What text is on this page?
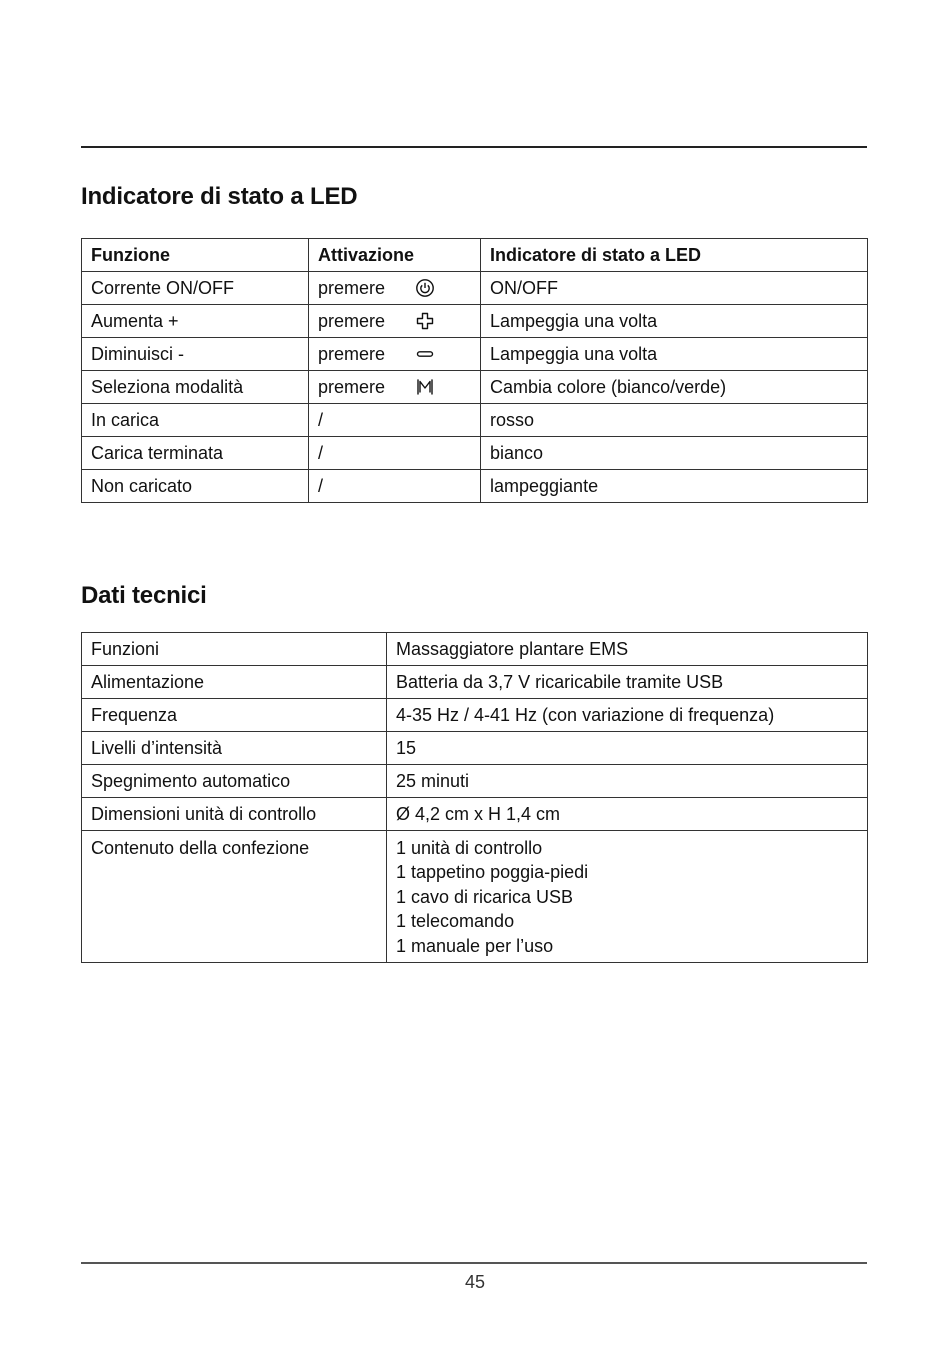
Indicatore di stato a LED
Funzione	Attivazione	Indicatore di stato a LED
Corrente ON/OFF	premere	ON/OFF
Aumenta +	premere	Lampeggia una volta
Diminuisci -	premere	Lampeggia una volta
Seleziona modalità	premere	Cambia colore (bianco/verde)
In carica	/	rosso
Carica terminata	/	bianco
Non caricato	/	lampeggiante
Dati tecnici
Funzioni	Massaggiatore plantare EMS
Alimentazione	Batteria da 3,7 V ricaricabile tramite USB
Frequenza	4-35 Hz / 4-41 Hz (con variazione di frequenza)
Livelli d’intensità	15
Spegnimento automatico	25 minuti
Dimensioni unità di controllo	Ø 4,2 cm x H 1,4 cm

Contenuto della confezione	1 unità di controllo
1 tappetino poggia-piedi
1 cavo di ricarica USB
1 telecomando
1 manuale per l’uso
45
